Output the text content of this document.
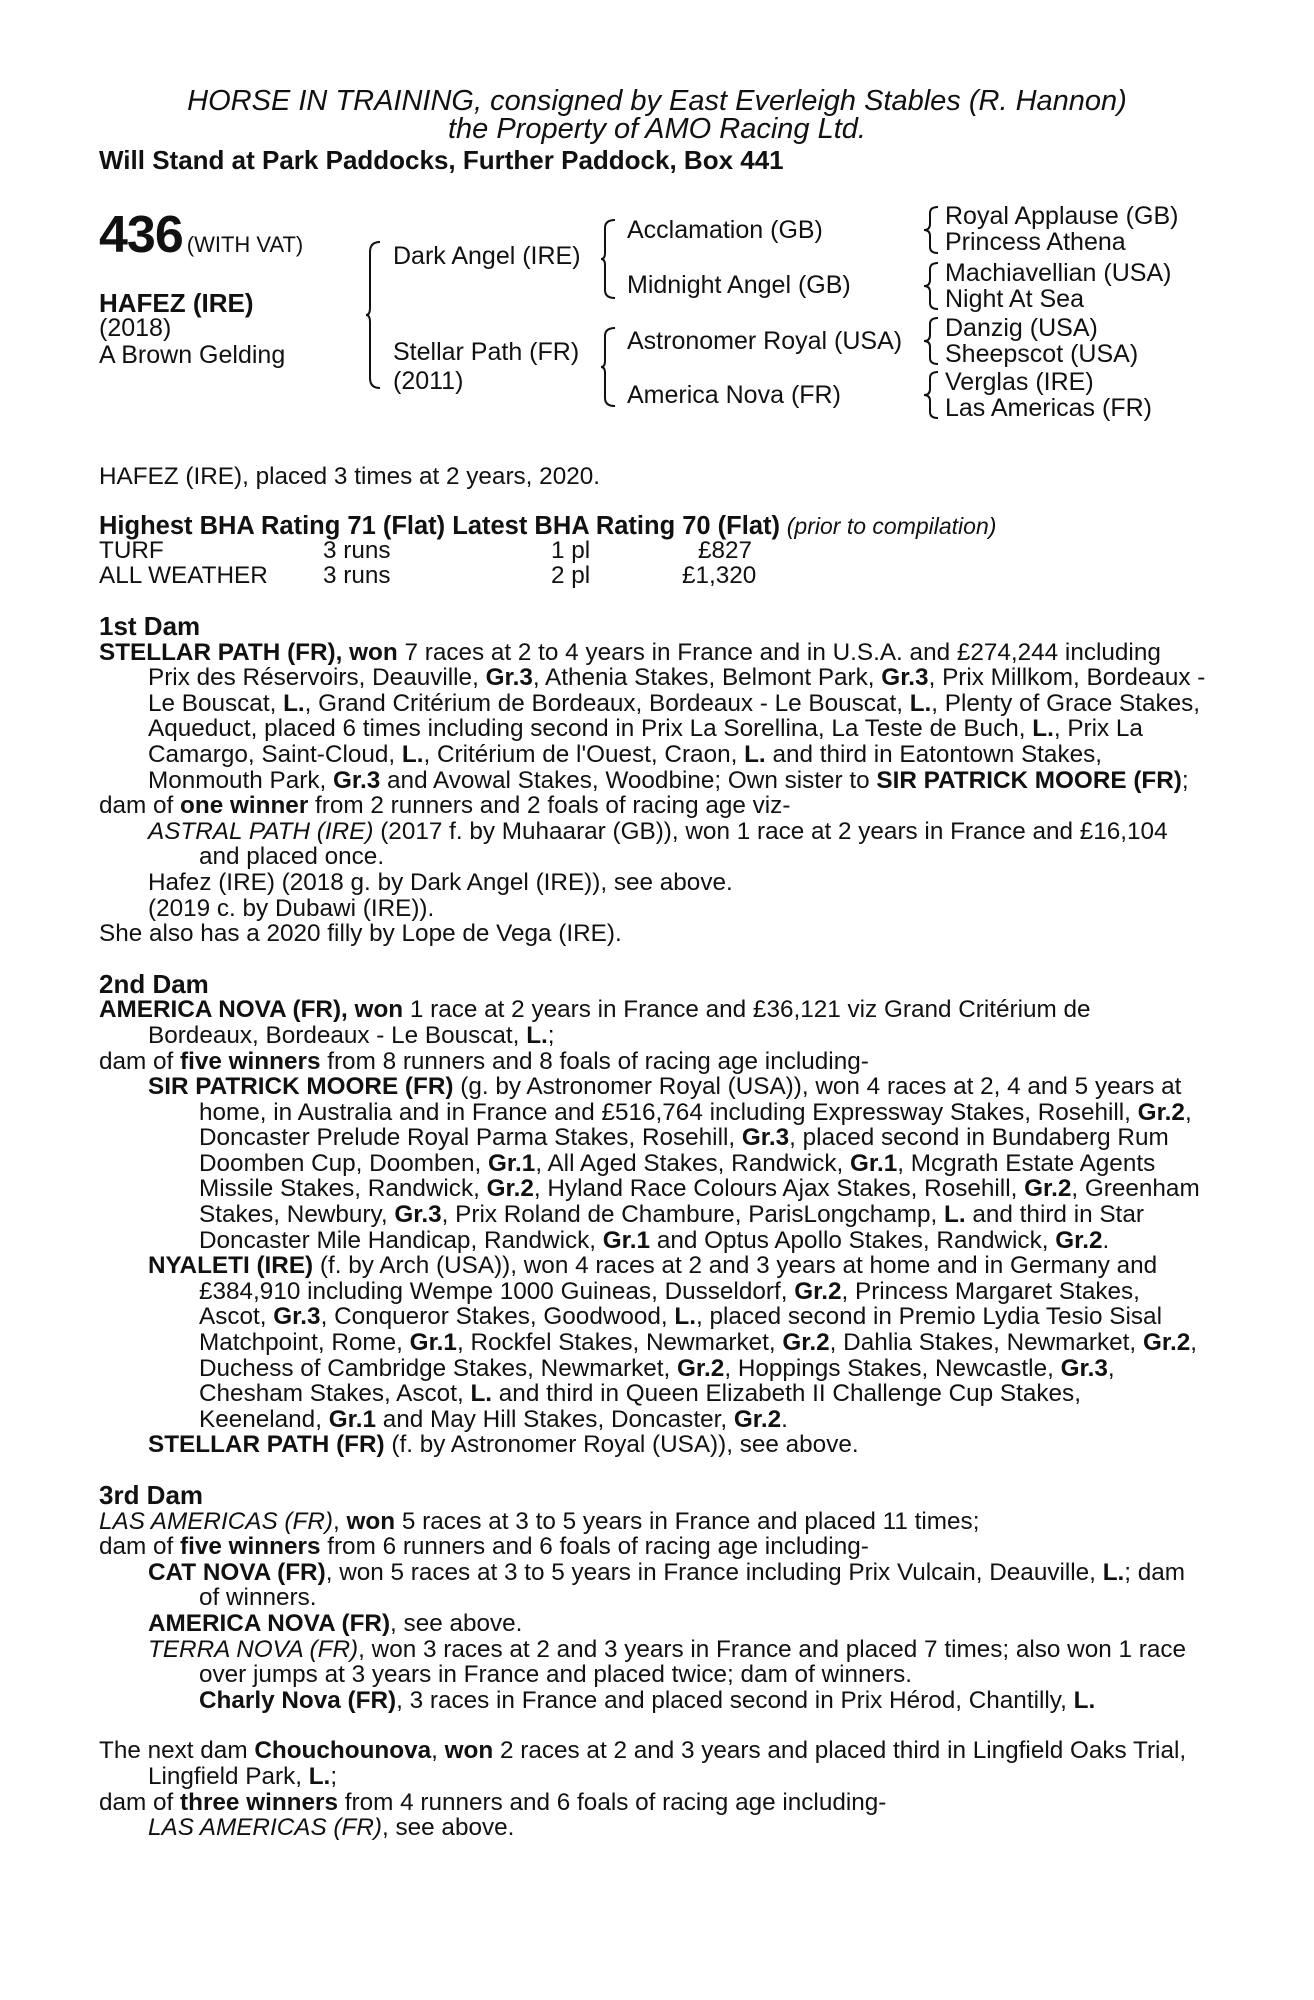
HORSE IN TRAINING, consigned by East Everleigh Stables (R. Hannon)
the Property of AMO Racing Ltd.
Will Stand at Park Paddocks, Further Paddock, Box 441
436 (WITH VAT)
HAFEZ (IRE)
(2018)
A Brown Gelding
Dark Angel (IRE)
Stellar Path (FR)
(2011)
Acclamation (GB)
Midnight Angel (GB)
Astronomer Royal (USA)
America Nova (FR)
Royal Applause (GB)
Princess Athena
Machiavellian (USA)
Night At Sea
Danzig (USA)
Sheepscot (USA)
Verglas (IRE)
Las Americas (FR)
HAFEZ (IRE), placed 3 times at 2 years, 2020.
Highest BHA Rating 71 (Flat) Latest BHA Rating 70 (Flat) (prior to compilation)
TURF	3 runs	1 pl	£827
ALL WEATHER 3 runs	2 pl	£1,320

1st Dam

STELLAR PATH (FR), won 7 races at 2 to 4 years in France and in U.S.A. and £274,244 including Prix des Réservoirs, Deauville, Gr.3, Athenia Stakes, Belmont Park, Gr.3, Prix Millkom, Bordeaux - Le Bouscat, L., Grand Critérium de Bordeaux, Bordeaux - Le Bouscat, L., Plenty of Grace Stakes, Aqueduct, placed 6 times including second in Prix La Sorellina, La Teste de Buch, L., Prix La Camargo, Saint-Cloud, L., Critérium de l'Ouest, Craon, L. and third in Eatontown Stakes, Monmouth Park, Gr.3 and Avowal Stakes, Woodbine; Own sister to SIR PATRICK MOORE (FR);

dam of one winner from 2 runners and 2 foals of racing age viz-

ASTRAL PATH (IRE) (2017 f. by Muhaarar (GB)), won 1 race at 2 years in France and £16,104 and placed once.

Hafez (IRE) (2018 g. by Dark Angel (IRE)), see above.

(2019 c. by Dubawi (IRE)).

She also has a 2020 filly by Lope de Vega (IRE).

2nd Dam

AMERICA NOVA (FR), won 1 race at 2 years in France and £36,121 viz Grand Critérium de Bordeaux, Bordeaux - Le Bouscat, L.;

dam of five winners from 8 runners and 8 foals of racing age including-

SIR PATRICK MOORE (FR) (g. by Astronomer Royal (USA)), won 4 races at 2, 4 and 5 years at home, in Australia and in France and £516,764 including Expressway Stakes, Rosehill, Gr.2, Doncaster Prelude Royal Parma Stakes, Rosehill, Gr.3, placed second in Bundaberg Rum Doomben Cup, Doomben, Gr.1, All Aged Stakes, Randwick, Gr.1, Mcgrath Estate Agents Missile Stakes, Randwick, Gr.2, Hyland Race Colours Ajax Stakes, Rosehill, Gr.2, Greenham Stakes, Newbury, Gr.3, Prix Roland de Chambure, ParisLongchamp, L. and third in Star Doncaster Mile Handicap, Randwick, Gr.1 and Optus Apollo Stakes, Randwick, Gr.2.

NYALETI (IRE) (f. by Arch (USA)), won 4 races at 2 and 3 years at home and in Germany and £384,910 including Wempe 1000 Guineas, Dusseldorf, Gr.2, Princess Margaret Stakes, Ascot, Gr.3, Conqueror Stakes, Goodwood, L., placed second in Premio Lydia Tesio Sisal Matchpoint, Rome, Gr.1, Rockfel Stakes, Newmarket, Gr.2, Dahlia Stakes, Newmarket, Gr.2, Duchess of Cambridge Stakes, Newmarket, Gr.2, Hoppings Stakes, Newcastle, Gr.3, Chesham Stakes, Ascot, L. and third in Queen Elizabeth II Challenge Cup Stakes, Keeneland, Gr.1 and May Hill Stakes, Doncaster, Gr.2.

STELLAR PATH (FR) (f. by Astronomer Royal (USA)), see above.

3rd Dam

LAS AMERICAS (FR), won 5 races at 3 to 5 years in France and placed 11 times;

dam of five winners from 6 runners and 6 foals of racing age including-

CAT NOVA (FR), won 5 races at 3 to 5 years in France including Prix Vulcain, Deauville, L.; dam of winners.

AMERICA NOVA (FR), see above.

TERRA NOVA (FR), won 3 races at 2 and 3 years in France and placed 7 times; also won 1 race over jumps at 3 years in France and placed twice; dam of winners.

Charly Nova (FR), 3 races in France and placed second in Prix Hérod, Chantilly, L.

The next dam Chouchounova, won 2 races at 2 and 3 years and placed third in Lingfield Oaks Trial, Lingfield Park, L.;

dam of three winners from 4 runners and 6 foals of racing age including-

LAS AMERICAS (FR), see above.
